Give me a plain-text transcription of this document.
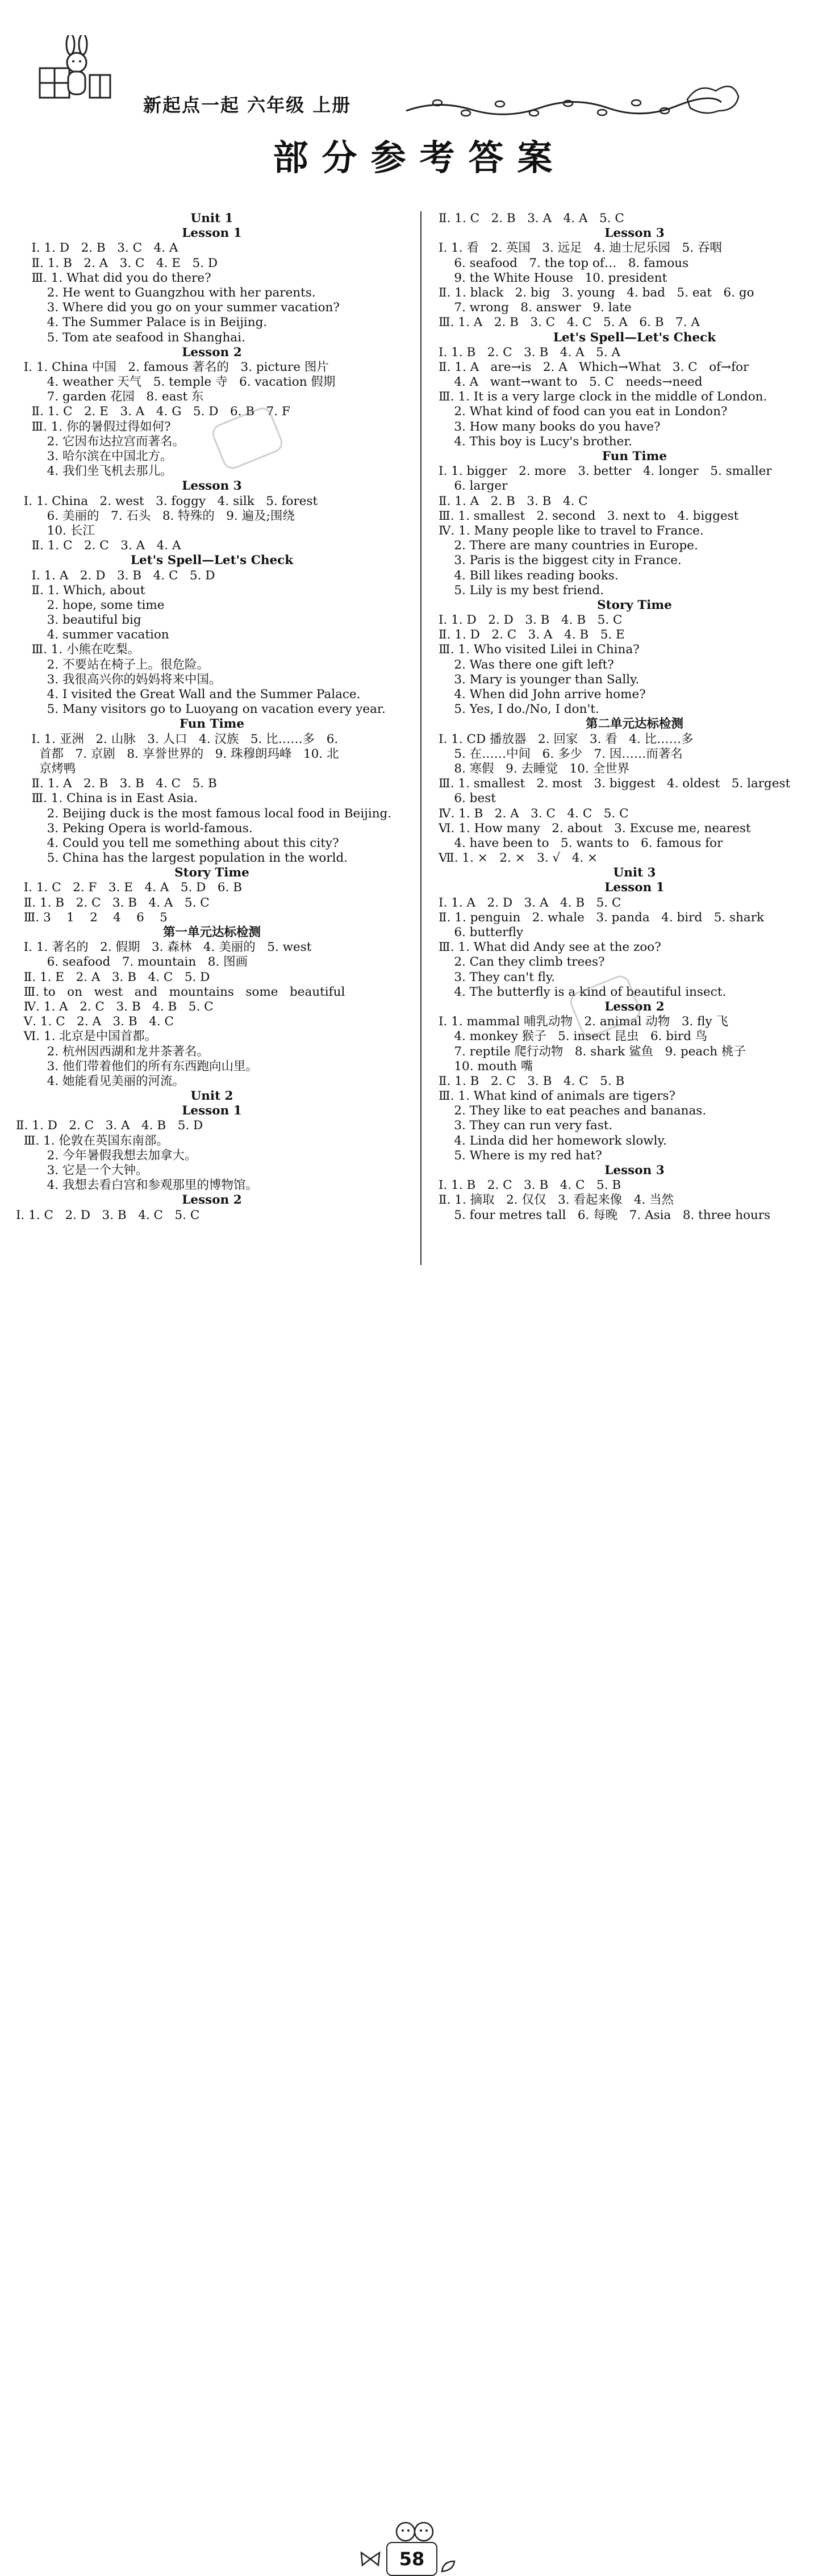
新起点一起 六年级 上册
部分参考答案
Unit 1
Lesson 1
Ⅰ. 1. D   2. B   3. C   4. A
Ⅱ. 1. B   2. A   3. C   4. E   5. D
Ⅲ. 1. What did you do there?
2. He went to Guangzhou with her parents.
3. Where did you go on your summer vacation?
4. The Summer Palace is in Beijing.
5. Tom ate seafood in Shanghai.
Lesson 2
Ⅰ. 1. China 中国   2. famous 著名的   3. picture 图片
4. weather 天气   5. temple 寺   6. vacation 假期
7. garden 花园   8. east 东
Ⅱ. 1. C   2. E   3. A   4. G   5. D   6. B   7. F
Ⅲ. 1. 你的暑假过得如何?
2. 它因布达拉宫而著名。
3. 哈尔滨在中国北方。
4. 我们坐飞机去那儿。
Lesson 3
Ⅰ. 1. China   2. west   3. foggy   4. silk   5. forest
6. 美丽的   7. 石头   8. 特殊的   9. 遍及;围绕
10. 长江
Ⅱ. 1. C   2. C   3. A   4. A
Let's Spell—Let's Check
Ⅰ. 1. A   2. D   3. B   4. C   5. D
Ⅱ. 1. Which, about
2. hope, some time
3. beautiful big
4. summer vacation
Ⅲ. 1. 小熊在吃梨。
2. 不要站在椅子上。很危险。
3. 我很高兴你的妈妈将来中国。
4. I visited the Great Wall and the Summer Palace.
5. Many visitors go to Luoyang on vacation every year.
Fun Time
Ⅰ. 1. 亚洲   2. 山脉   3. 人口   4. 汉族   5. 比……多   6.
首都   7. 京剧   8. 享誉世界的   9. 珠穆朗玛峰   10. 北
京烤鸭
Ⅱ. 1. A   2. B   3. B   4. C   5. B
Ⅲ. 1. China is in East Asia.
2. Beijing duck is the most famous local food in Beijing.
3. Peking Opera is world-famous.
4. Could you tell me something about this city?
5. China has the largest population in the world.
Story Time
Ⅰ. 1. C   2. F   3. E   4. A   5. D   6. B
Ⅱ. 1. B   2. C   3. B   4. A   5. C
Ⅲ. 3    1    2    4    6    5
第一单元达标检测
Ⅰ. 1. 著名的   2. 假期   3. 森林   4. 美丽的   5. west
6. seafood   7. mountain   8. 图画
Ⅱ. 1. E   2. A   3. B   4. C   5. D
Ⅲ. to   on   west   and   mountains   some   beautiful
Ⅳ. 1. A   2. C   3. B   4. B   5. C
Ⅴ. 1. C   2. A   3. B   4. C
Ⅵ. 1. 北京是中国首都。
2. 杭州因西湖和龙井茶著名。
3. 他们带着他们的所有东西跑向山里。
4. 她能看见美丽的河流。
Unit 2
Lesson 1
Ⅱ. 1. D   2. C   3. A   4. B   5. D
Ⅲ. 1. 伦敦在英国东南部。
2. 今年暑假我想去加拿大。
3. 它是一个大钟。
4. 我想去看白宫和参观那里的博物馆。
Lesson 2
Ⅰ. 1. C   2. D   3. B   4. C   5. C
Ⅱ. 1. C   2. B   3. A   4. A   5. C
Lesson 3
Ⅰ. 1. 看   2. 英国   3. 远足   4. 迪士尼乐园   5. 吞咽
6. seafood   7. the top of…   8. famous
9. the White House   10. president
Ⅱ. 1. black   2. big   3. young   4. bad   5. eat   6. go
7. wrong   8. answer   9. late
Ⅲ. 1. A   2. B   3. C   4. C   5. A   6. B   7. A
Let's Spell—Let's Check
Ⅰ. 1. B   2. C   3. B   4. A   5. A
Ⅱ. 1. A   are→is   2. A   Which→What   3. C   of→for
4. A   want→want to   5. C   needs→need
Ⅲ. 1. It is a very large clock in the middle of London.
2. What kind of food can you eat in London?
3. How many books do you have?
4. This boy is Lucy's brother.
Fun Time
Ⅰ. 1. bigger   2. more   3. better   4. longer   5. smaller
6. larger
Ⅱ. 1. A   2. B   3. B   4. C
Ⅲ. 1. smallest   2. second   3. next to   4. biggest
Ⅳ. 1. Many people like to travel to France.
2. There are many countries in Europe.
3. Paris is the biggest city in France.
4. Bill likes reading books.
5. Lily is my best friend.
Story Time
Ⅰ. 1. D   2. D   3. B   4. B   5. C
Ⅱ. 1. D   2. C   3. A   4. B   5. E
Ⅲ. 1. Who visited Lilei in China?
2. Was there one gift left?
3. Mary is younger than Sally.
4. When did John arrive home?
5. Yes, I do./No, I don't.
第二单元达标检测
Ⅰ. 1. CD 播放器   2. 回家   3. 看   4. 比……多
5. 在……中间   6. 多少   7. 因……而著名
8. 寒假   9. 去睡觉   10. 全世界
Ⅲ. 1. smallest   2. most   3. biggest   4. oldest   5. largest
6. best
Ⅳ. 1. B   2. A   3. C   4. C   5. C
Ⅵ. 1. How many   2. about   3. Excuse me, nearest
4. have been to   5. wants to   6. famous for
Ⅶ. 1. ×   2. ×   3. √   4. ×
Unit 3
Lesson 1
Ⅰ. 1. A   2. D   3. A   4. B   5. C
Ⅱ. 1. penguin   2. whale   3. panda   4. bird   5. shark
6. butterfly
Ⅲ. 1. What did Andy see at the zoo?
2. Can they climb trees?
3. They can't fly.
4. The butterfly is a kind of beautiful insect.
Lesson 2
Ⅰ. 1. mammal 哺乳动物   2. animal 动物   3. fly 飞
4. monkey 猴子   5. insect 昆虫   6. bird 鸟
7. reptile 爬行动物   8. shark 鲨鱼   9. peach 桃子
10. mouth 嘴
Ⅱ. 1. B   2. C   3. B   4. C   5. B
Ⅲ. 1. What kind of animals are tigers?
2. They like to eat peaches and bananas.
3. They can run very fast.
4. Linda did her homework slowly.
5. Where is my red hat?
Lesson 3
Ⅰ. 1. B   2. C   3. B   4. C   5. B
Ⅱ. 1. 摘取   2. 仅仅   3. 看起来像   4. 当然
5. four metres tall   6. 每晚   7. Asia   8. three hours

58
